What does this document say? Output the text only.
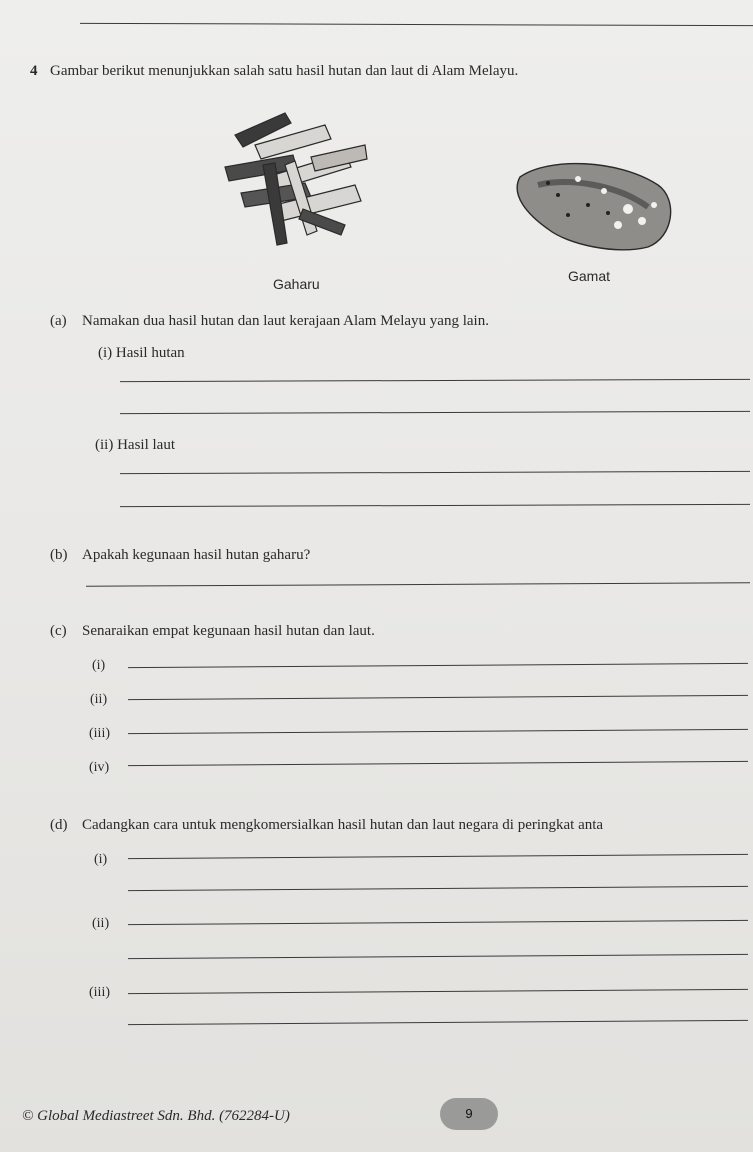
4 Gambar berikut menunjukkan salah satu hasil hutan dan laut di Alam Melayu.
Gaharu	Gamat
(a) Namakan dua hasil hutan dan laut kerajaan Alam Melayu yang lain.
(i) Hasil hutan
(ii) Hasil laut
(b) Apakah kegunaan hasil hutan gaharu?
(c) Senaraikan empat kegunaan hasil hutan dan laut.
(i)
(ii)
(iii)
(iv)
(d) Cadangkan cara untuk mengkomersialkan hasil hutan dan laut negara di peringkat anta
(i)
(ii)
(iii)
© Global Mediastreet Sdn. Bhd. (762284-U)	9
